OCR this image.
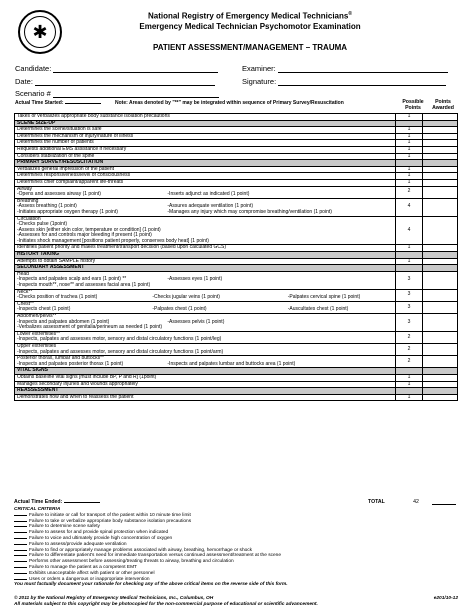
✱
National Registry of Emergency Medical Technicians®
Emergency Medical Technician Psychomotor Examination
PATIENT ASSESSMENT/MANAGEMENT – TRAUMA
Candidate:	Examiner:
Date:	Signature:
Scenario #
Actual Time Started:	Note: Areas denoted by "**" may be integrated within sequence of Primary Survey/Resuscitation	Possible Points
Points Awarded
Takes or verbalizes appropriate body substance isolation precautions	1	
SCENE SIZE-UP		
Determines the scene/situation is safe	1	
Determines the mechanism of injury/nature of illness	1	
Determines the number of patients	1	
Requests additional EMS assistance if necessary	1	
Considers stabilization of the spine	1	
PRIMARY SURVEY/RESUSCITATION		
Verbalizes general impression of the patient	1	
Determines responsiveness/level of consciousness	1	
Determines chief complaint/apparent life-threats	1	

Airway
-Opens and assesses airway (1 point) -Inserts adjunct as indicated (1 point)	2	

Breathing
-Assess breathing (1 point) -Assures adequate ventilation (1 point)
-Initiates appropriate oxygen therapy (1 point) -Manages any injury which may compromise breathing/ventilation (1 point)	4	

Circulation
-Checks pulse (1point)
-Assess skin [either skin color, temperature or condition] (1 point)
-Assesses for and controls major bleeding if present (1 point)
-Initiates shock management [positions patient properly, conserves body heat] (1 point)	4	
Identifies patient priority and makes treatment/transport decision (based upon calculated GCS)	1	
HISTORY TAKING		
Attempts to obtain SAMPLE history	1	
SECONDARY ASSESSMENT		

Head
-Inspects and palpates scalp and ears (1 point) ** -Assesses eyes (1 point)
-Inspects mouth**, nose** and assesses facial area (1 point)	3	

Neck**
-Checks position of trachea (1 point) -Checks jugular veins (1 point) -Palpates cervical spine (1 point)	3	

Chest**
-Inspects chest (1 point) -Palpates chest (1 point) -Auscultates chest (1 point)	3	

Abdomen/pelvis**
-Inspects and palpates abdomen (1 point) -Assesses pelvis (1 point)
-Verbalizes assessment of genitalia/perineum as needed (1 point)	3	

Lower extremities**
-Inspects, palpates and assesses motor, sensory and distal circulatory functions (1 point/leg)	2	

Upper extremities
-Inspects, palpates and assesses motor, sensory and distal circulatory functions (1 point/arm)	2	

Posterior thorax, lumbar and buttocks**
-Inspects and palpates posterior thorax (1 point) -Inspects and palpates lumbar and buttocks area (1 point)	2	
VITAL SIGNS		
Obtains baseline vital signs [must include BP, P and R] (1point)	1	
Manages secondary injuries and wounds appropriately	1	
REASSESSMENT		
Demonstrates how and when to reassess the patient	1	
Actual Time Ended:	TOTAL	42
CRITICAL CRITERIA
Failure to initiate or call for transport of the patient within 10 minute time limit
Failure to take or verbalize appropriate body substance isolation precautions
Failure to determine scene safety
Failure to assess for and provide spinal protection when indicated
Failure to voice and ultimately provide high concentration of oxygen
Failure to assess/provide adequate ventilation
Failure to find or appropriately manage problems associated with airway, breathing, hemorrhage or shock
Failure to differentiate patient's need for immediate transportation versus continued assessment/treatment at the scene
Performs other assessment before assessing/treating threats to airway, breathing and circulation
Failure to manage the patient as a competent EMT
Exhibits unacceptable affect with patient or other personnel
Uses or orders a dangerous or inappropriate intervention
You must factually document your rationale for checking any of the above critical items on the reverse side of this form.
© 2011 by the National Registry of Emergency Medical Technicians, Inc., Columbus, OH
All materials subject to this copyright may be photocopied for the non-commercial purpose of educational or scientific advancement.
e201/10-12
